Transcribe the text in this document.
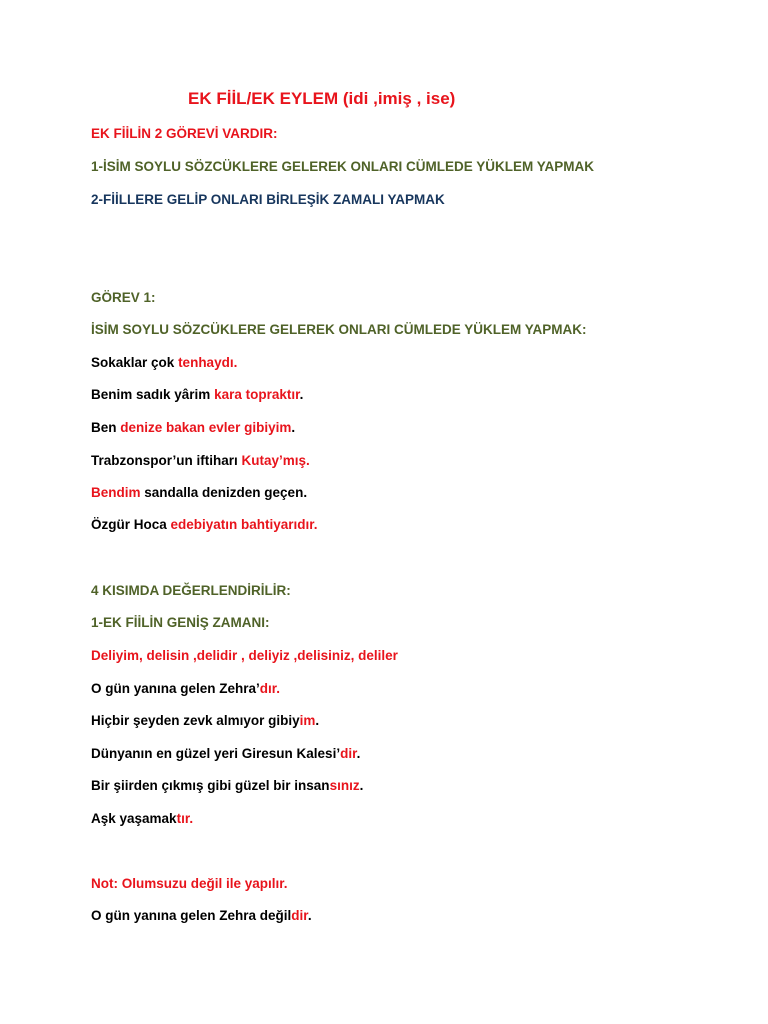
EK FİİL/EK EYLEM (idi ,imiş , ise)
EK FİİLİN 2 GÖREVİ VARDIR:
1-İSİM SOYLU SÖZCÜKLERE GELEREK ONLARI CÜMLEDE YÜKLEM YAPMAK
2-FİİLLERE GELİP ONLARI BİRLEŞİK ZAMALI YAPMAK
GÖREV 1:
İSİM SOYLU SÖZCÜKLERE GELEREK ONLARI CÜMLEDE YÜKLEM YAPMAK:
Sokaklar çok tenhaydı.
Benim sadık yârim kara topraktır.
Ben denize bakan evler gibiyim.
Trabzonspor’un iftiharı Kutay’mış.
Bendim sandalla denizden geçen.
Özgür Hoca edebiyatın bahtiyarıdır.
4 KISIMDA DEĞERLENDİRİLİR:
1-EK FİİLİN GENİŞ ZAMANI:
Deliyim, delisin ,delidir , deliyiz ,delisiniz, deliler
O gün yanına gelen Zehra’dır.
Hiçbir şeyden zevk almıyor gibiyim.
Dünyanın en güzel yeri Giresun Kalesi’dir.
Bir şiirden çıkmış gibi güzel bir insansınız.
Aşk yaşamaktır.
Not: Olumsuzu değil ile yapılır.
O gün yanına gelen Zehra değildir.
